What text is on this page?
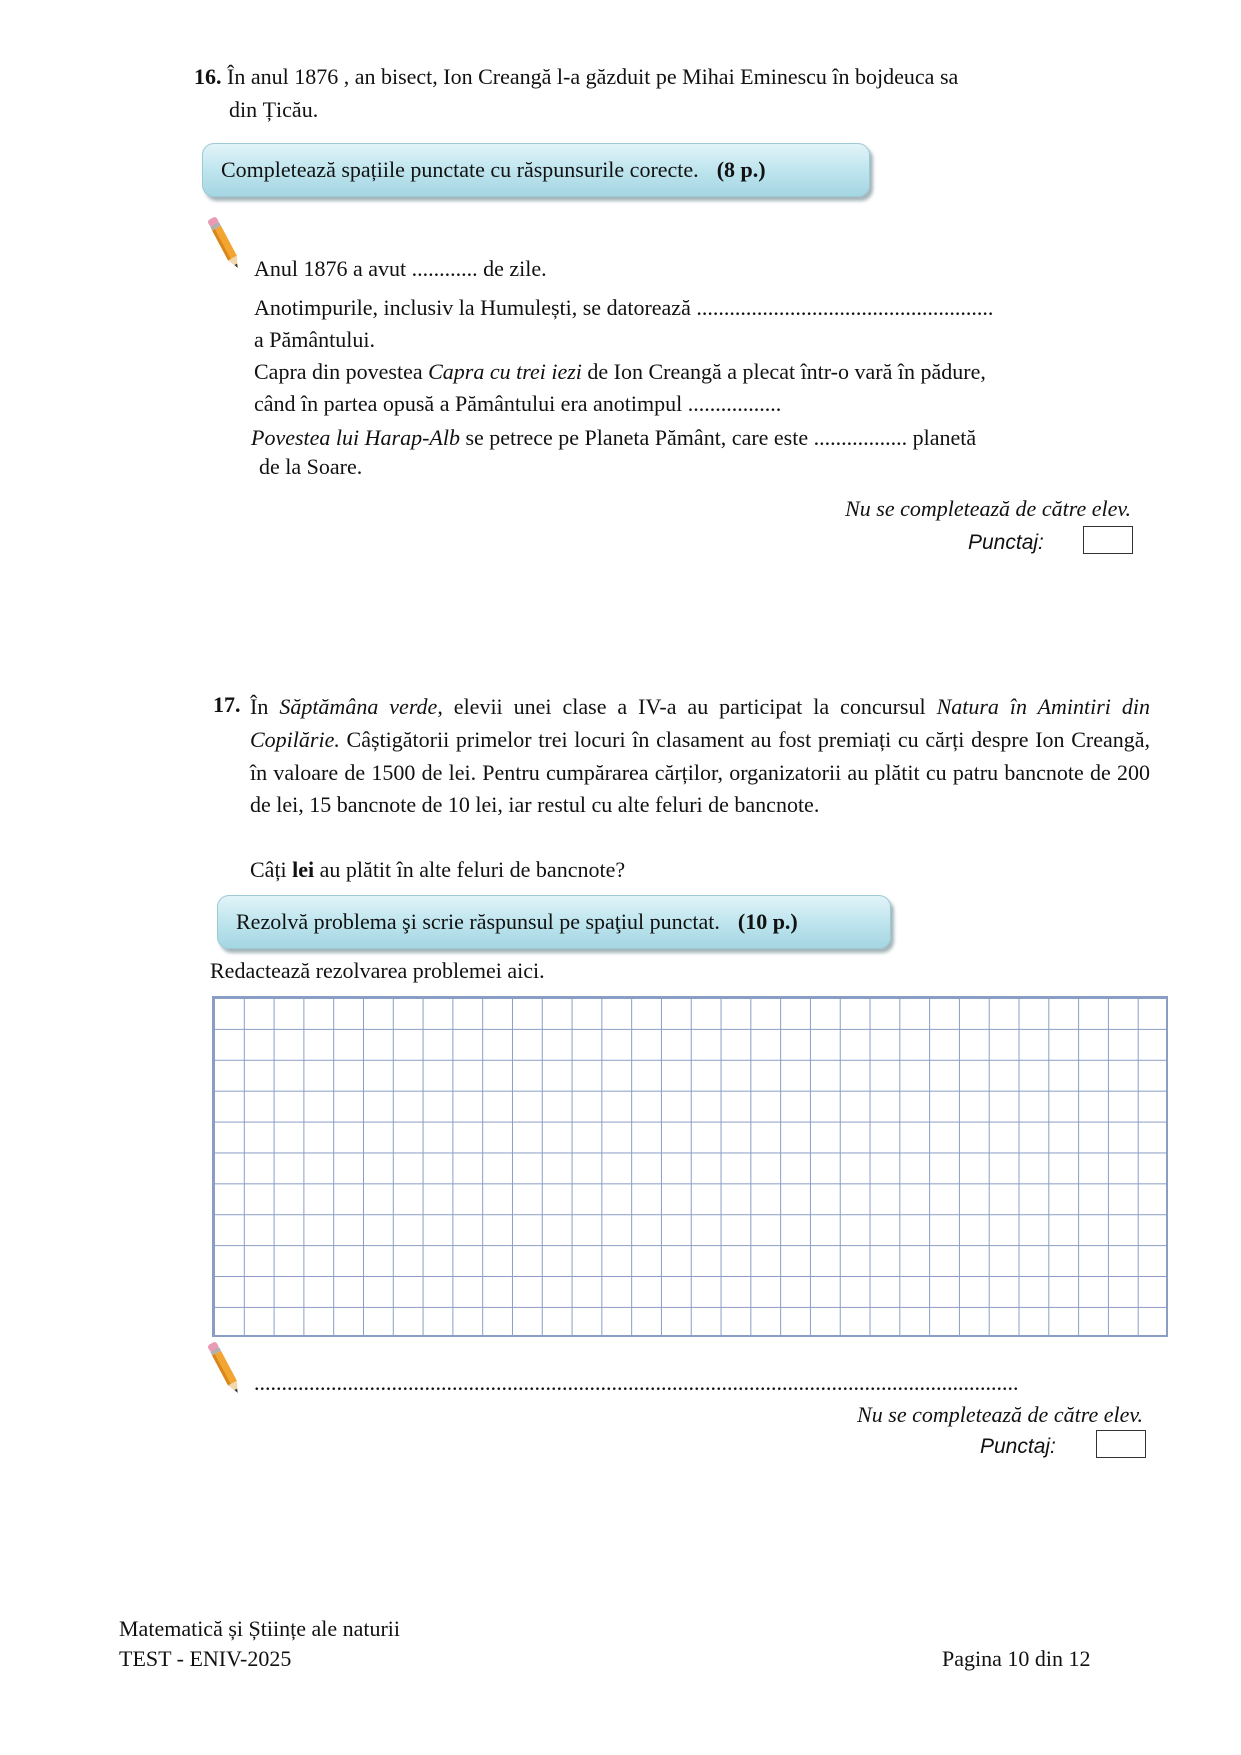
16. În anul 1876 , an bisect, Ion Creangă l-a găzduit pe Mihai Eminescu în bojdeuca sa
din Țicău.
Completează spațiile punctate cu răspunsurile corecte. (8 p.)
Anul 1876 a avut ............ de zile.
Anotimpurile, inclusiv la Humulești, se datorează ......................................................
a Pământului.
Capra din povestea Capra cu trei iezi de Ion Creangă a plecat într-o vară în pădure,
când în partea opusă a Pământului era anotimpul .................
Povestea lui Harap-Alb se petrece pe Planeta Pământ, care este ................. planetă
de la Soare.
Nu se completează de către elev.
Punctaj:
17. În Săptămâna verde, elevii unei clase a IV-a au participat la concursul Natura în Amintiri din Copilărie. Câștigătorii primelor trei locuri în clasament au fost premiați cu cărți despre Ion Creangă, în valoare de 1500 de lei. Pentru cumpărarea cărților, organizatorii au plătit cu patru bancnote de 200 de lei, 15 bancnote de 10 lei, iar restul cu alte feluri de bancnote.
Câți lei au plătit în alte feluri de bancnote?
Rezolvă problema şi scrie răspunsul pe spaţiul punctat. (10 p.)
Redactează rezolvarea problemei aici.
...........................................................................................................................................
Nu se completează de către elev.
Punctaj:
Matematică și Științe ale naturii
TEST - ENIV-2025	Pagina 10 din 12
